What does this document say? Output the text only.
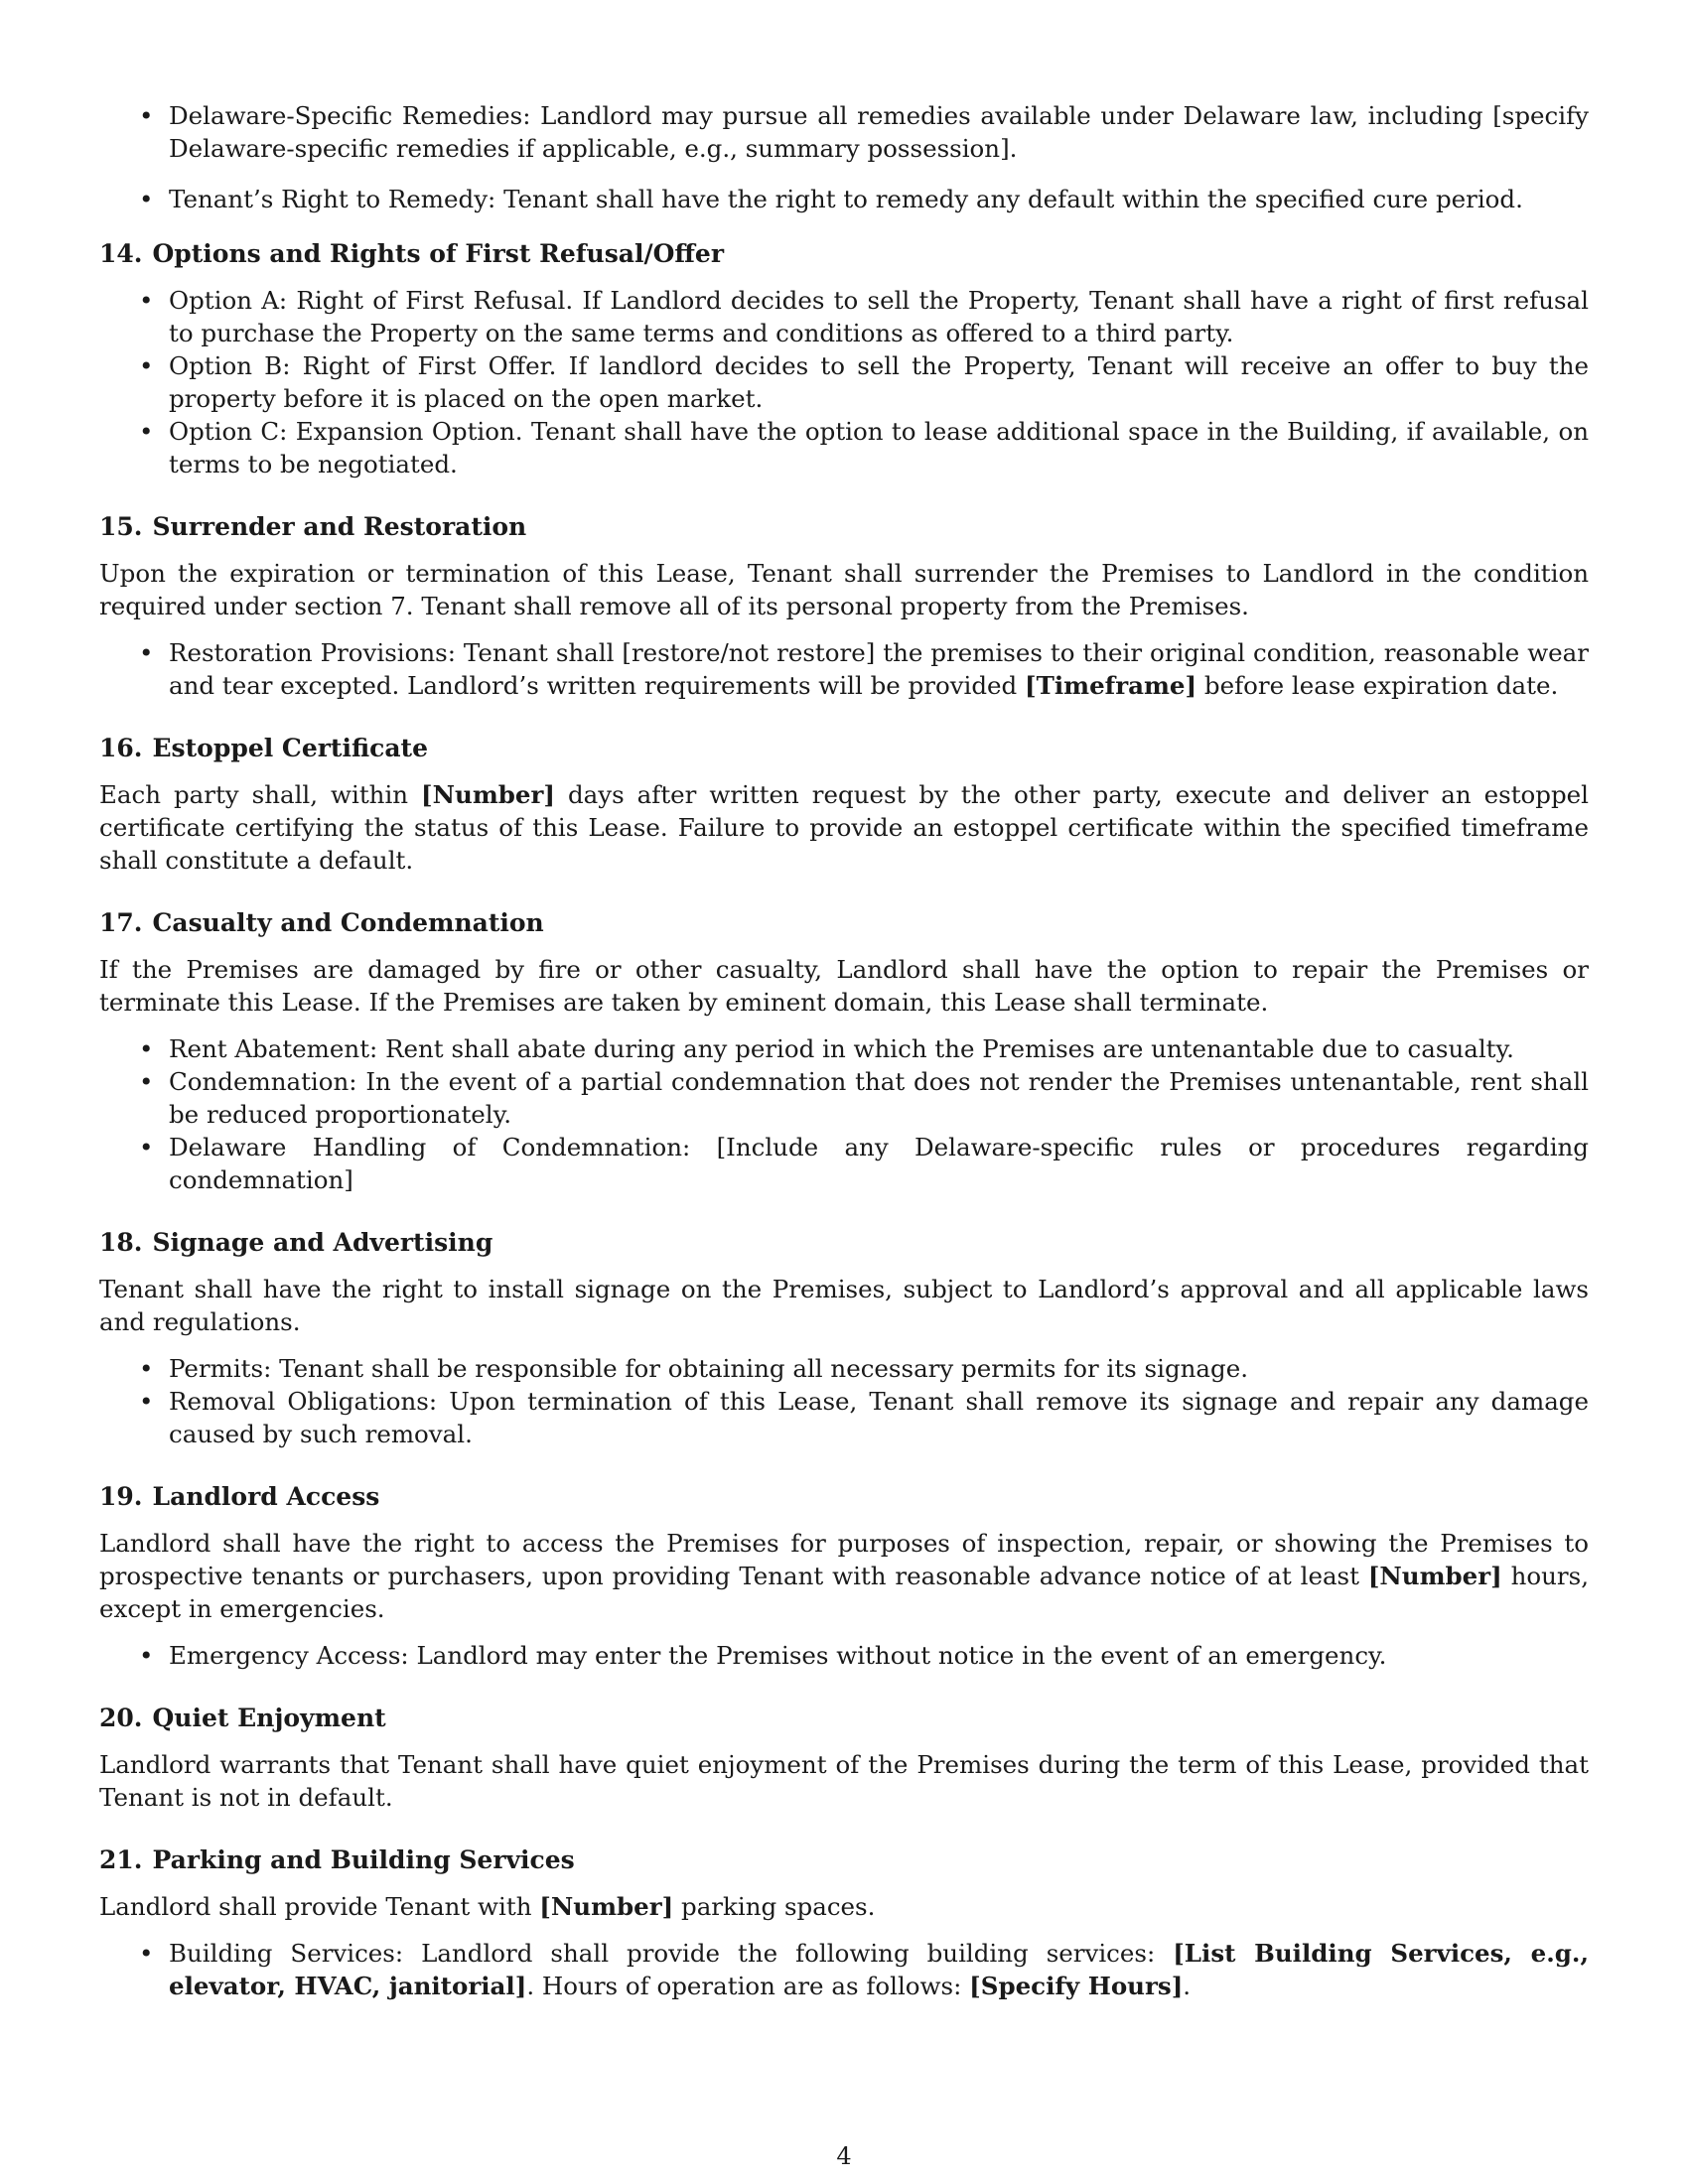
• Delaware-Specific Remedies: Landlord may pursue all remedies available under Delaware law, including [specify Delaware-specific remedies if applicable, e.g., summary possession].
• Tenant’s Right to Remedy: Tenant shall have the right to remedy any default within the specified cure period.
14. Options and Rights of First Refusal/Offer
• Option A: Right of First Refusal. If Landlord decides to sell the Property, Tenant shall have a right of first refusal to purchase the Property on the same terms and conditions as offered to a third party.
• Option B: Right of First Offer. If landlord decides to sell the Property, Tenant will receive an offer to buy the property before it is placed on the open market.
• Option C: Expansion Option. Tenant shall have the option to lease additional space in the Building, if available, on terms to be negotiated.
15. Surrender and Restoration

Upon the expiration or termination of this Lease, Tenant shall surrender the Premises to Landlord in the condition required under section 7. Tenant shall remove all of its personal property from the Premises.

• Restoration Provisions: Tenant shall [restore/not restore] the premises to their original condition, reasonable wear and tear excepted. Landlord’s written requirements will be provided [Timeframe] before lease expiration date.
16. Estoppel Certificate

Each party shall, within [Number] days after written request by the other party, execute and deliver an estoppel certificate certifying the status of this Lease. Failure to provide an estoppel certificate within the specified timeframe shall constitute a default.

17. Casualty and Condemnation

If the Premises are damaged by fire or other casualty, Landlord shall have the option to repair the Premises or terminate this Lease. If the Premises are taken by eminent domain, this Lease shall terminate.

• Rent Abatement: Rent shall abate during any period in which the Premises are untenantable due to casualty.
• Condemnation: In the event of a partial condemnation that does not render the Premises untenantable, rent shall be reduced proportionately.
• Delaware Handling of Condemnation: [Include any Delaware-specific rules or procedures regarding condemnation]
18. Signage and Advertising

Tenant shall have the right to install signage on the Premises, subject to Landlord’s approval and all applicable laws and regulations.

• Permits: Tenant shall be responsible for obtaining all necessary permits for its signage.
• Removal Obligations: Upon termination of this Lease, Tenant shall remove its signage and repair any damage caused by such removal.
19. Landlord Access

Landlord shall have the right to access the Premises for purposes of inspection, repair, or showing the Premises to prospective tenants or purchasers, upon providing Tenant with reasonable advance notice of at least [Number] hours, except in emergencies.

• Emergency Access: Landlord may enter the Premises without notice in the event of an emergency.
20. Quiet Enjoyment

Landlord warrants that Tenant shall have quiet enjoyment of the Premises during the term of this Lease, provided that Tenant is not in default.

21. Parking and Building Services

Landlord shall provide Tenant with [Number] parking spaces.

• Building Services: Landlord shall provide the following building services: [List Building Services, e.g., elevator, HVAC, janitorial]. Hours of operation are as follows: [Specify Hours].
4
